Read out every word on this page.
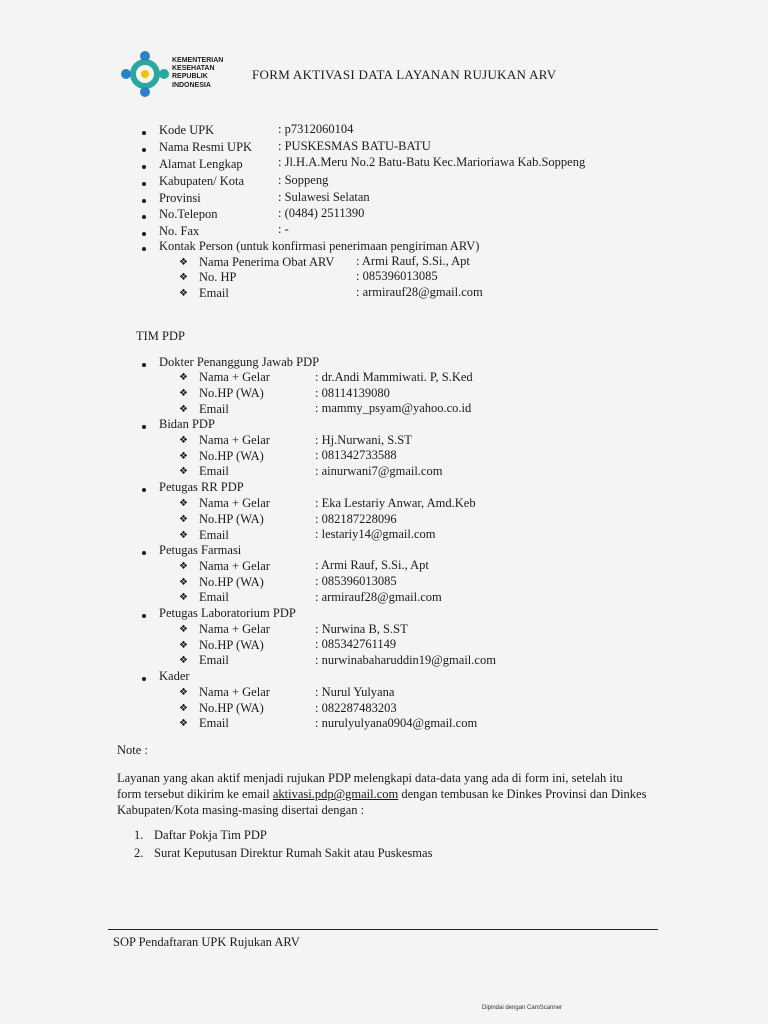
KEMENTERIAN
KESEHATAN
REPUBLIK
INDONESIA
FORM AKTIVASI DATA LAYANAN RUJUKAN ARV
Kode UPK	: p7312060104
Nama Resmi UPK : PUSKESMAS BATU-BATU
Alamat Lengkap	: Jl.H.A.Meru No.2 Batu-Batu Kec.Marioriawa Kab.Soppeng
Kabupaten/ Kota	: Soppeng
Provinsi	: Sulawesi Selatan
No.Telepon	: (0484) 2511390
No. Fax	: -
Kontak Person (untuk konfirmasi penerimaan pengiriman ARV)
❖ Nama Penerima Obat ARV : Armi Rauf, S.Si., Apt
❖ No. HP	: 085396013085
❖ Email	: armirauf28@gmail.com
TIM PDP
Dokter Penanggung Jawab PDP
❖ Nama + Gelar	: dr.Andi Mammiwati. P, S.Ked
❖ No.HP (WA)	: 08114139080
❖ Email	: mammy_psyam@yahoo.co.id
Bidan PDP
❖ Nama + Gelar	: Hj.Nurwani, S.ST
❖ No.HP (WA)	: 081342733588
❖ Email	: ainurwani7@gmail.com
Petugas RR PDP
❖ Nama + Gelar	: Eka Lestariy Anwar, Amd.Keb
❖ No.HP (WA)	: 082187228096
❖ Email	: lestariy14@gmail.com
Petugas Farmasi
❖ Nama + Gelar	: Armi Rauf, S.Si., Apt
❖ No.HP (WA)	: 085396013085
❖ Email	: armirauf28@gmail.com
Petugas Laboratorium PDP
❖ Nama + Gelar	: Nurwina B, S.ST
❖ No.HP (WA)	: 085342761149
❖ Email	: nurwinabaharuddin19@gmail.com
Kader
❖ Nama + Gelar	: Nurul Yulyana
❖ No.HP (WA)	: 082287483203
❖ Email	: nurulyulyana0904@gmail.com
Note :
Layanan yang akan aktif menjadi rujukan PDP melengkapi data-data yang ada di form ini, setelah itu
form tersebut dikirim ke email aktivasi.pdp@gmail.com dengan tembusan ke Dinkes Provinsi dan Dinkes
Kabupaten/Kota masing-masing disertai dengan :
1. Daftar Pokja Tim PDP
2. Surat Keputusan Direktur Rumah Sakit atau Puskesmas
SOP Pendaftaran UPK Rujukan ARV
Dipindai dengan CamScanner
